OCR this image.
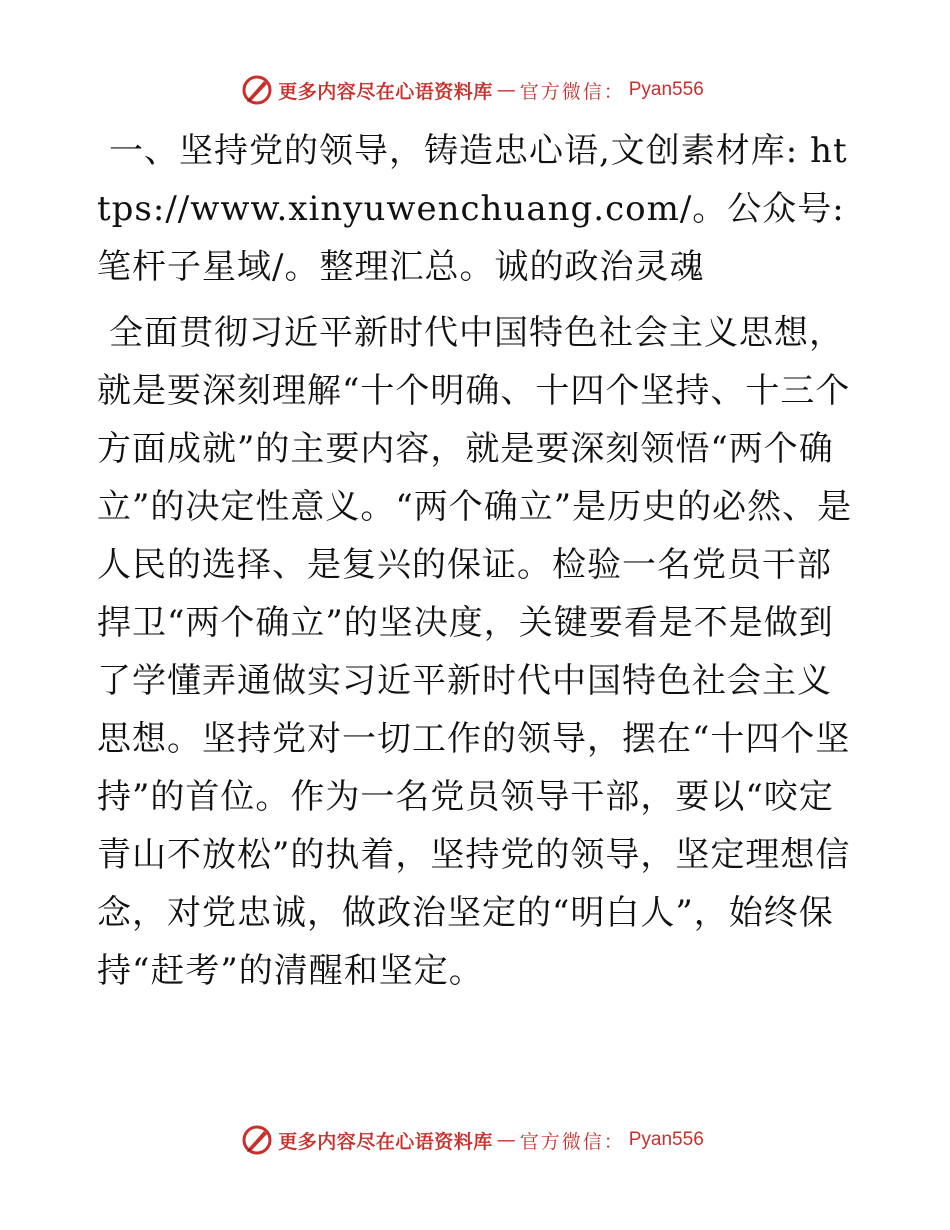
更多内容尽在心语资料库 — 官方微信： Pyan556

一、坚持党的领导，铸造忠心语,文创素材库: https://www.xinyuwenchuang.com/。公众号: 笔杆子星域/。整理汇总。诚的政治灵魂

全面贯彻习近平新时代中国特色社会主义思想，就是要深刻理解“十个明确、十四个坚持、十三个方面成就”的主要内容，就是要深刻领悟“两个确立”的决定性意义。“两个确立”是历史的必然、是人民的选择、是复兴的保证。检验一名党员干部捍卫“两个确立”的坚决度，关键要看是不是做到了学懂弄通做实习近平新时代中国特色社会主义思想。坚持党对一切工作的领导，摆在“十四个坚持”的首位。作为一名党员领导干部，要以“咬定青山不放松”的执着，坚持党的领导，坚定理想信念，对党忠诚，做政治坚定的“明白人”，始终保持“赶考”的清醒和坚定。

更多内容尽在心语资料库 — 官方微信： Pyan556
